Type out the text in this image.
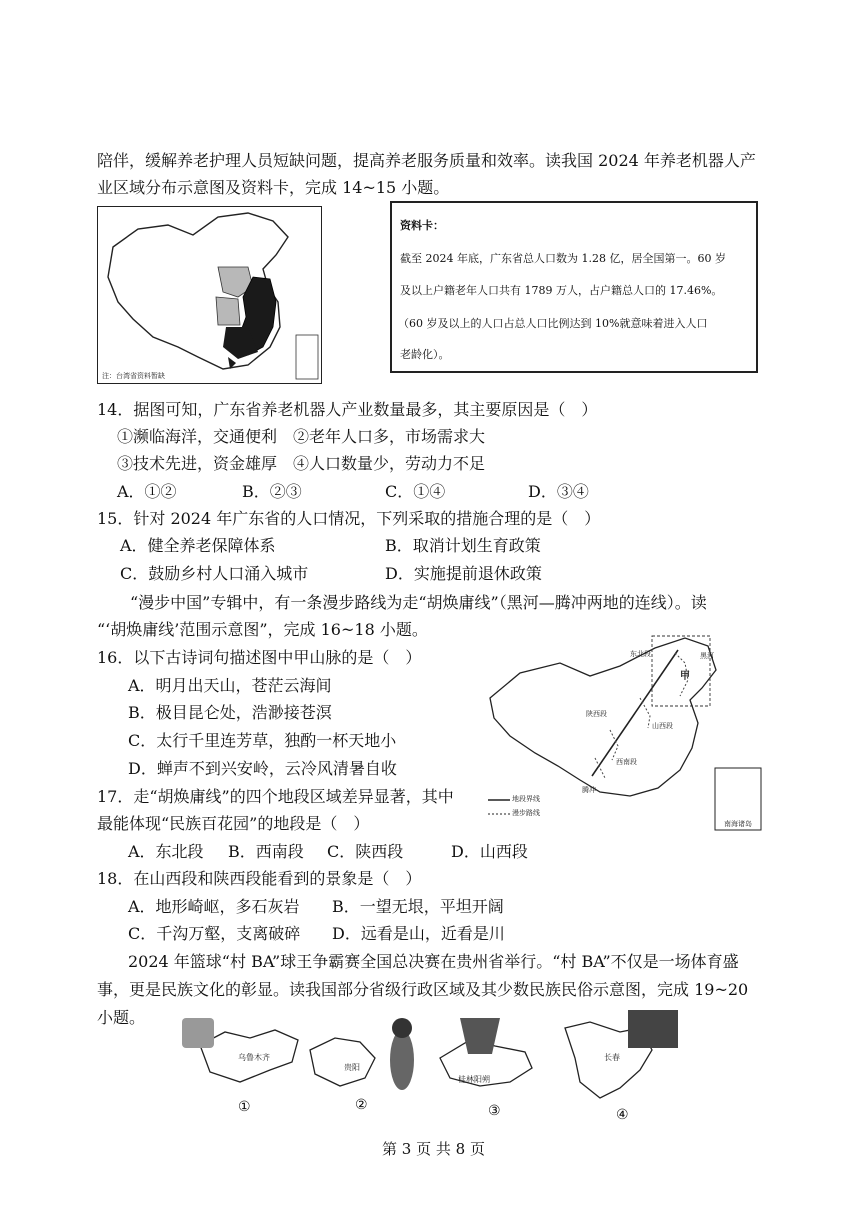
陪伴，缓解养老护理人员短缺问题，提高养老服务质量和效率。读我国 2024 年养老机器人产
业区域分布示意图及资料卡，完成 14~15 小题。
注：台湾省资料暂缺
资料卡：
截至 2024 年底，广东省总人口数为 1.28 亿，居全国第一。60 岁
及以上户籍老年人口共有 1789 万人，占户籍总人口的 17.46%。
（60 岁及以上的人口占总人口比例达到 10%就意味着进入人口
老龄化）。
14．据图可知，广东省养老机器人产业数量最多，其主要原因是（　）
①濒临海洋，交通便利　②老年人口多，市场需求大
③技术先进，资金雄厚　④人口数量少，劳动力不足
A．①②	B．②③	C．①④	D．③④
15．针对 2024 年广东省的人口情况，下列采取的措施合理的是（　）
A．健全养老保障体系	B．取消计划生育政策
C．鼓励乡村人口涌入城市	D．实施提前退休政策
“漫步中国”专辑中，有一条漫步路线为走“胡焕庸线”（黑河—腾冲两地的连线）。读
“‘胡焕庸线’范围示意图”，完成 16~18 小题。
16．以下古诗词句描述图中甲山脉的是（　）
A．明月出天山，苍茫云海间
B．极目昆仑处，浩渺接苍溟
C．太行千里连芳草，独酌一杯天地小
D．蝉声不到兴安岭，云冷风清暑自收
黑河
东北段
甲
陕西段
山西段
西南段
腾冲
地段界线
漫步路线
南海诸岛
17．走“胡焕庸线”的四个地段区域差异显著，其中
最能体现“民族百花园”的地段是（　）
A．东北段 B．西南段 C．陕西段	D．山西段
18．在山西段和陕西段能看到的景象是（　）
A．地形崎岖，多石灰岩 B．一望无垠，平坦开阔
C．千沟万壑，支离破碎 D．远看是山，近看是川
2024 年篮球“村 BA”球王争霸赛全国总决赛在贵州省举行。“村 BA”不仅是一场体育盛
事，更是民族文化的彰显。读我国部分省级行政区域及其少数民族民俗示意图，完成 19~20
小题。
乌鲁木齐
贵阳
桂林阳朔
长春
①	②	③	④
第 3 页 共 8 页
